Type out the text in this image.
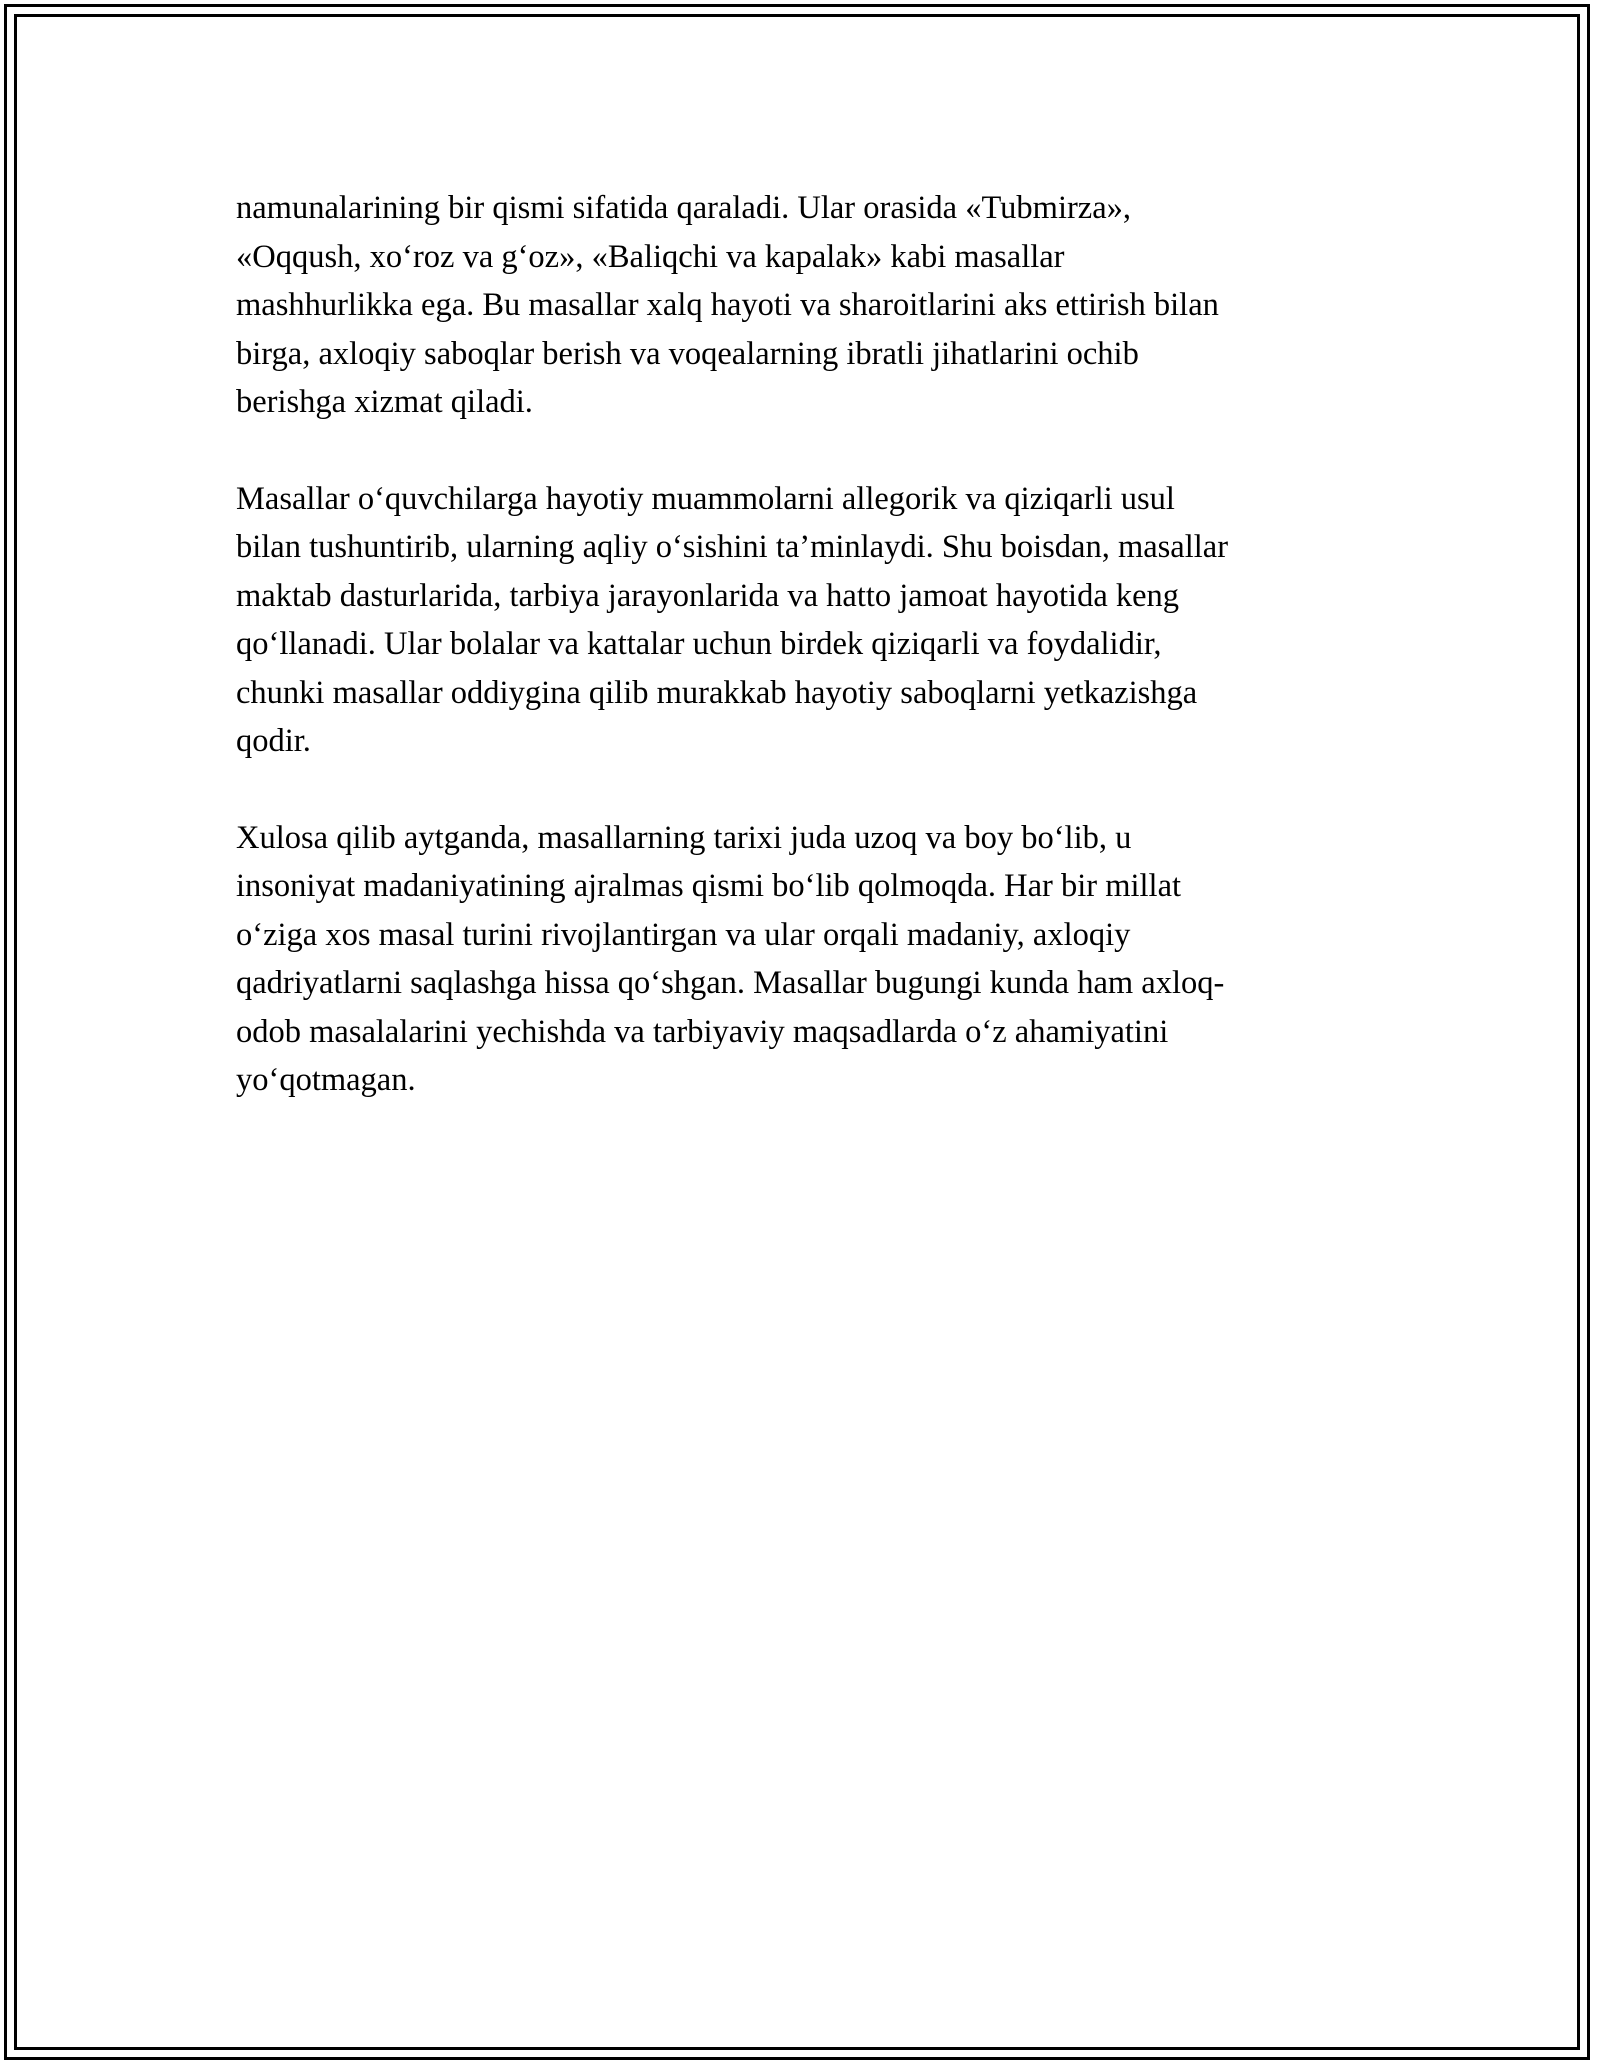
namunalarining bir qismi sifatida qaraladi. Ular orasida «Tubmirza»,
«Oqqush, xo‘roz va g‘oz», «Baliqchi va kapalak» kabi masallar
mashhurlikka ega. Bu masallar xalq hayoti va sharoitlarini aks ettirish bilan
birga, axloqiy saboqlar berish va voqealarning ibratli jihatlarini ochib
berishga xizmat qiladi.

Masallar o‘quvchilarga hayotiy muammolarni allegorik va qiziqarli usul
bilan tushuntirib, ularning aqliy o‘sishini ta’minlaydi. Shu boisdan, masallar
maktab dasturlarida, tarbiya jarayonlarida va hatto jamoat hayotida keng
qo‘llanadi. Ular bolalar va kattalar uchun birdek qiziqarli va foydalidir,
chunki masallar oddiygina qilib murakkab hayotiy saboqlarni yetkazishga
qodir.

Xulosa qilib aytganda, masallarning tarixi juda uzoq va boy bo‘lib, u
insoniyat madaniyatining ajralmas qismi bo‘lib qolmoqda. Har bir millat
o‘ziga xos masal turini rivojlantirgan va ular orqali madaniy, axloqiy
qadriyatlarni saqlashga hissa qo‘shgan. Masallar bugungi kunda ham axloq-
odob masalalarini yechishda va tarbiyaviy maqsadlarda o‘z ahamiyatini
yo‘qotmagan.
